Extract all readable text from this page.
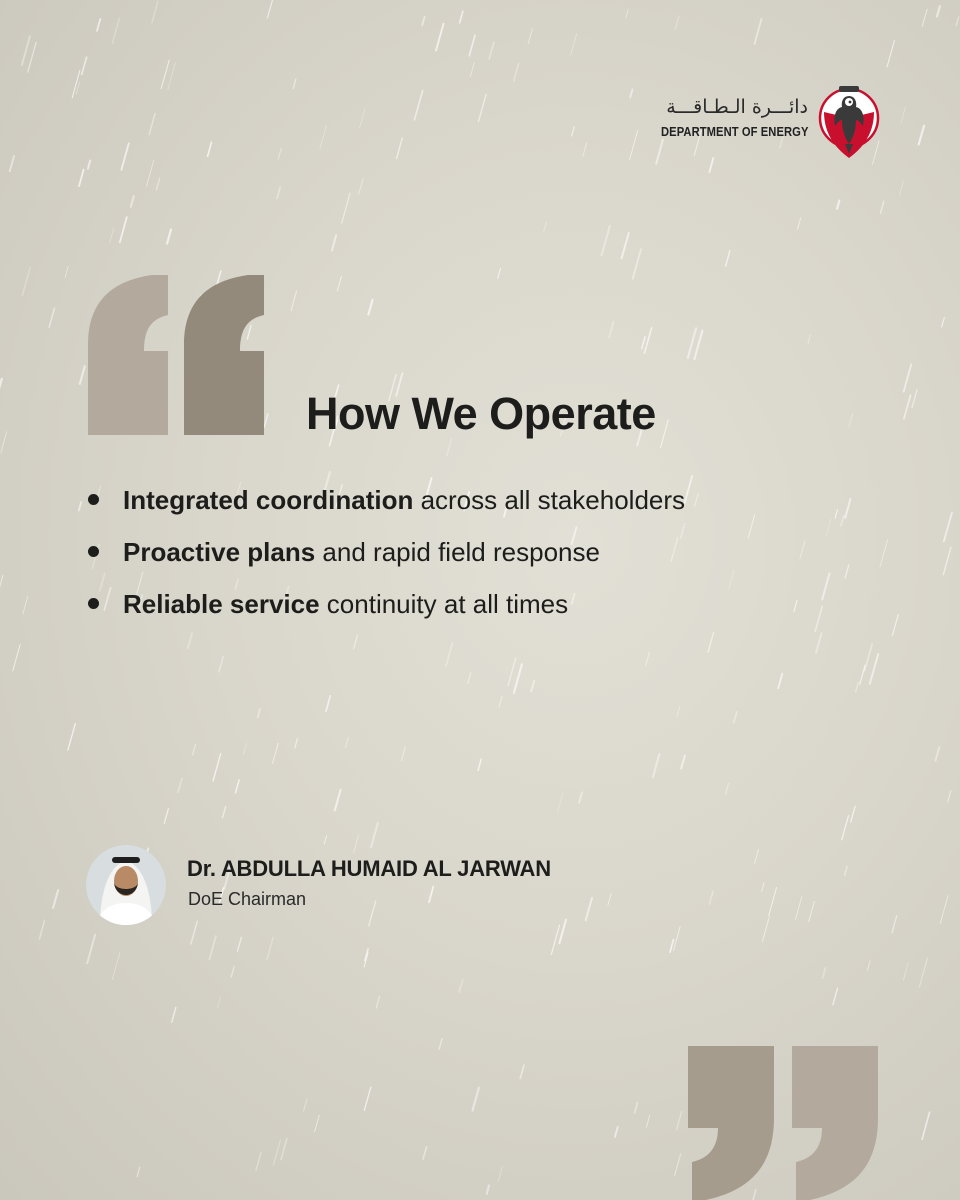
دائـــرة الـطـاقـــة
DEPARTMENT OF ENERGY
How We Operate
Integrated coordination across all stakeholders
Proactive plans and rapid field response
Reliable service continuity at all times
Dr. ABDULLA HUMAID AL JARWAN
DoE Chairman
